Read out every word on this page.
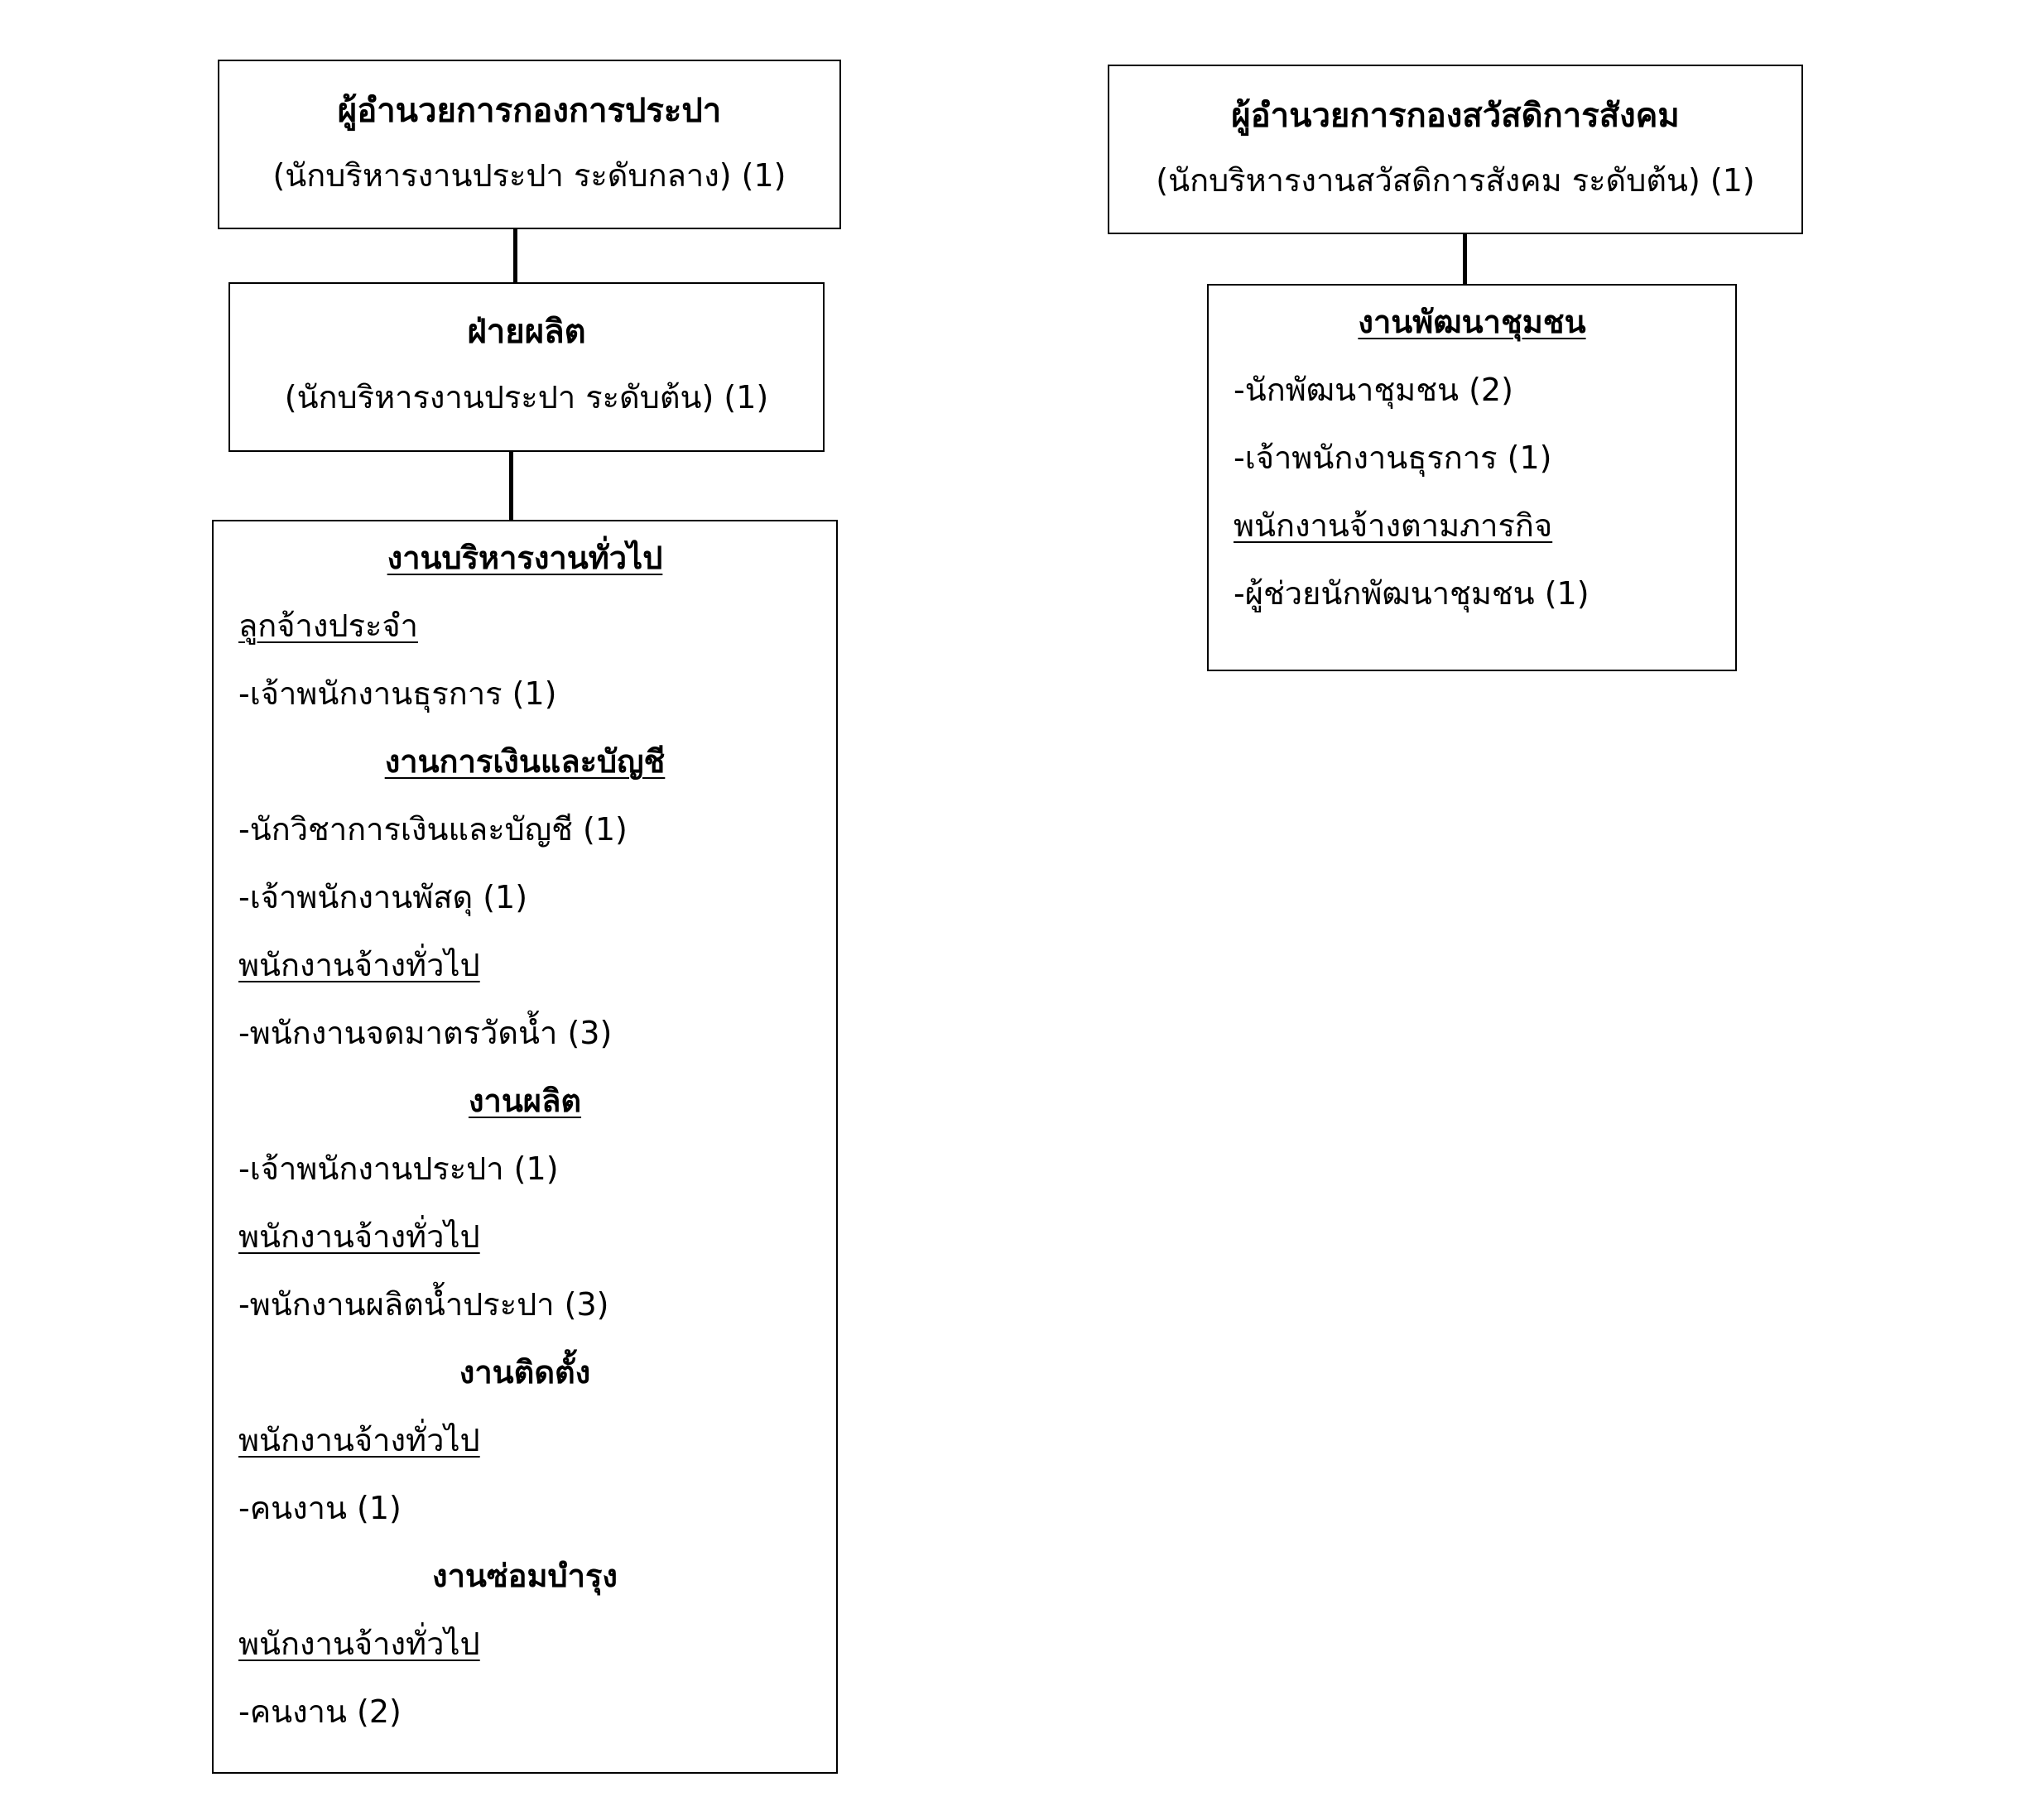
ผู้อำนวยการกองการประปา
(นักบริหารงานประปา ระดับกลาง) (1)
ฝ่ายผลิต
(นักบริหารงานประปา ระดับต้น) (1)
งานบริหารงานทั่วไป
ลูกจ้างประจำ
-เจ้าพนักงานธุรการ (1)
งานการเงินและบัญชี
-นักวิชาการเงินและบัญชี (1)
-เจ้าพนักงานพัสดุ (1)
พนักงานจ้างทั่วไป
-พนักงานจดมาตรวัดน้ำ (3)
งานผลิต
-เจ้าพนักงานประปา (1)
พนักงานจ้างทั่วไป
-พนักงานผลิตน้ำประปา (3)
งานติดตั้ง
พนักงานจ้างทั่วไป
-คนงาน (1)
งานซ่อมบำรุง
พนักงานจ้างทั่วไป
-คนงาน (2)
ผู้อำนวยการกองสวัสดิการสังคม
(นักบริหารงานสวัสดิการสังคม ระดับต้น) (1)
งานพัฒนาชุมชน
-นักพัฒนาชุมชน (2)
-เจ้าพนักงานธุรการ (1)
พนักงานจ้างตามภารกิจ
-ผู้ช่วยนักพัฒนาชุมชน (1)
